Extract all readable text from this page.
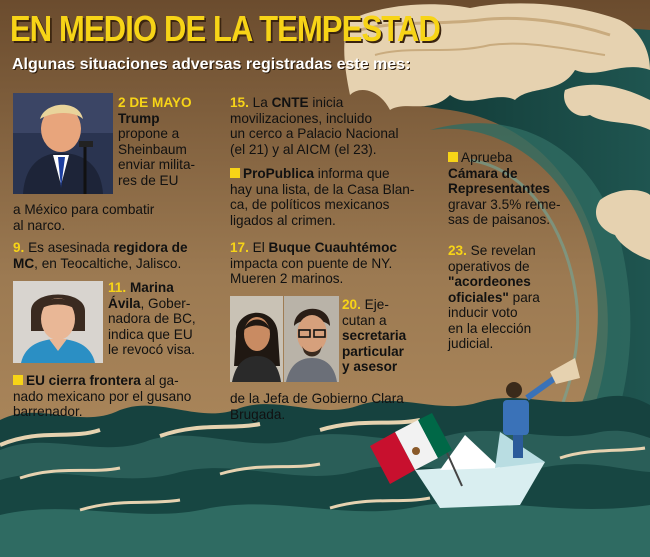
EN MEDIO DE LA TEMPESTAD
Algunas situaciones adversas registradas este mes:
2 DE MAYO
Trump
propone a
Sheinbaum
enviar milita-
res de EU
a México para combatir
al narco.
9. Es asesinada regidora de
MC, en Teocaltiche, Jalisco.
11. Marina
Ávila, Gober-
nadora de BC,
indica que EU
le revocó visa.
EU cierra frontera al ga-
nado mexicano por el gusano
barrenador.
15. La CNTE inicia
movilizaciones, incluido
un cerco a Palacio Nacional
(el 21) y al AICM (el 23).
ProPublica informa que
hay una lista, de la Casa Blan-
ca, de políticos mexicanos
ligados al crimen.
17. El Buque Cuauhtémoc
impacta con puente de NY.
Mueren 2 marinos.
20. Eje-
cutan a
secretaria
particular
y asesor
de la Jefa de Gobierno Clara
Brugada.
Aprueba
Cámara de
Representantes
gravar 3.5% reme-
sas de paisanos.
23. Se revelan
operativos de
"acordeones
oficiales" para
inducir voto
en la elección
judicial.
